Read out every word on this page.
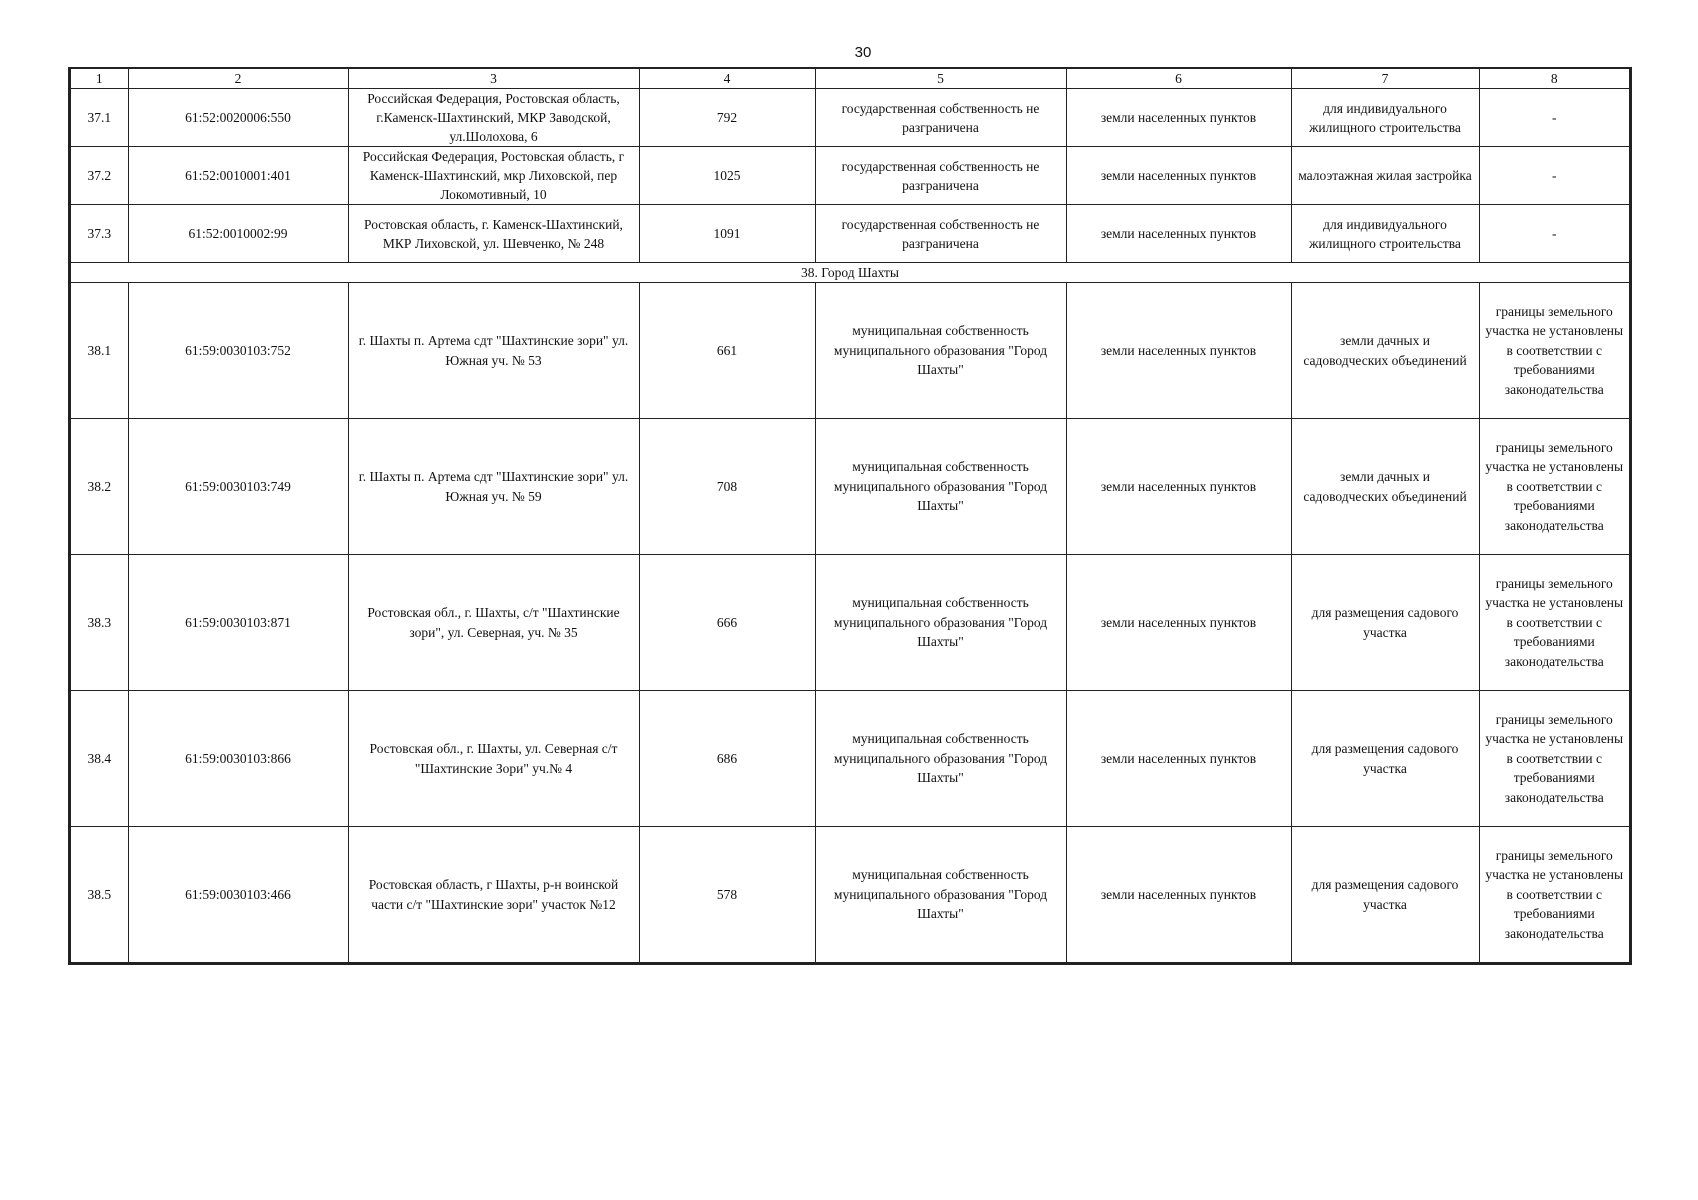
30
1	2	3	4	5	6	7	8
37.1	61:52:0020006:550	Российская Федерация, Ростовская область, г.Каменск-Шахтинский, МКР Заводской, ул.Шолохова, 6	792	государственная собственность не разграничена	земли населенных пунктов	для индивидуального жилищного строительства	-
37.2	61:52:0010001:401	Российская Федерация, Ростовская область, г Каменск-Шахтинский, мкр Лиховской, пер Локомотивный, 10	1025	государственная собственность не разграничена	земли населенных пунктов	малоэтажная жилая застройка	-
37.3	61:52:0010002:99	Ростовская область, г. Каменск-Шахтинский, МКР Лиховской, ул. Шевченко, № 248	1091	государственная собственность не разграничена	земли населенных пунктов	для индивидуального жилищного строительства	-
38. Город Шахты							
38.1	61:59:0030103:752	г. Шахты п. Артема сдт "Шахтинские зори" ул. Южная уч. № 53	661	муниципальная собственность муниципального образования "Город Шахты"	земли населенных пунктов	земли дачных и садоводческих объединений	границы земельного участка не установлены в соответствии с требованиями законодательства
38.2	61:59:0030103:749	г. Шахты п. Артема сдт "Шахтинские зори" ул. Южная уч. № 59	708	муниципальная собственность муниципального образования "Город Шахты"	земли населенных пунктов	земли дачных и садоводческих объединений	границы земельного участка не установлены в соответствии с требованиями законодательства
38.3	61:59:0030103:871	Ростовская обл., г. Шахты, с/т "Шахтинские зори", ул. Северная, уч. № 35	666	муниципальная собственность муниципального образования "Город Шахты"	земли населенных пунктов	для размещения садового участка	границы земельного участка не установлены в соответствии с требованиями законодательства
38.4	61:59:0030103:866	Ростовская обл., г. Шахты, ул. Северная с/т "Шахтинские Зори" уч.№ 4	686	муниципальная собственность муниципального образования "Город Шахты"	земли населенных пунктов	для размещения садового участка	границы земельного участка не установлены в соответствии с требованиями законодательства
38.5	61:59:0030103:466	Ростовская область, г Шахты, р-н воинской части с/т "Шахтинские зори" участок №12	578	муниципальная собственность муниципального образования "Город Шахты"	земли населенных пунктов	для размещения садового участка	границы земельного участка не установлены в соответствии с требованиями законодательства
